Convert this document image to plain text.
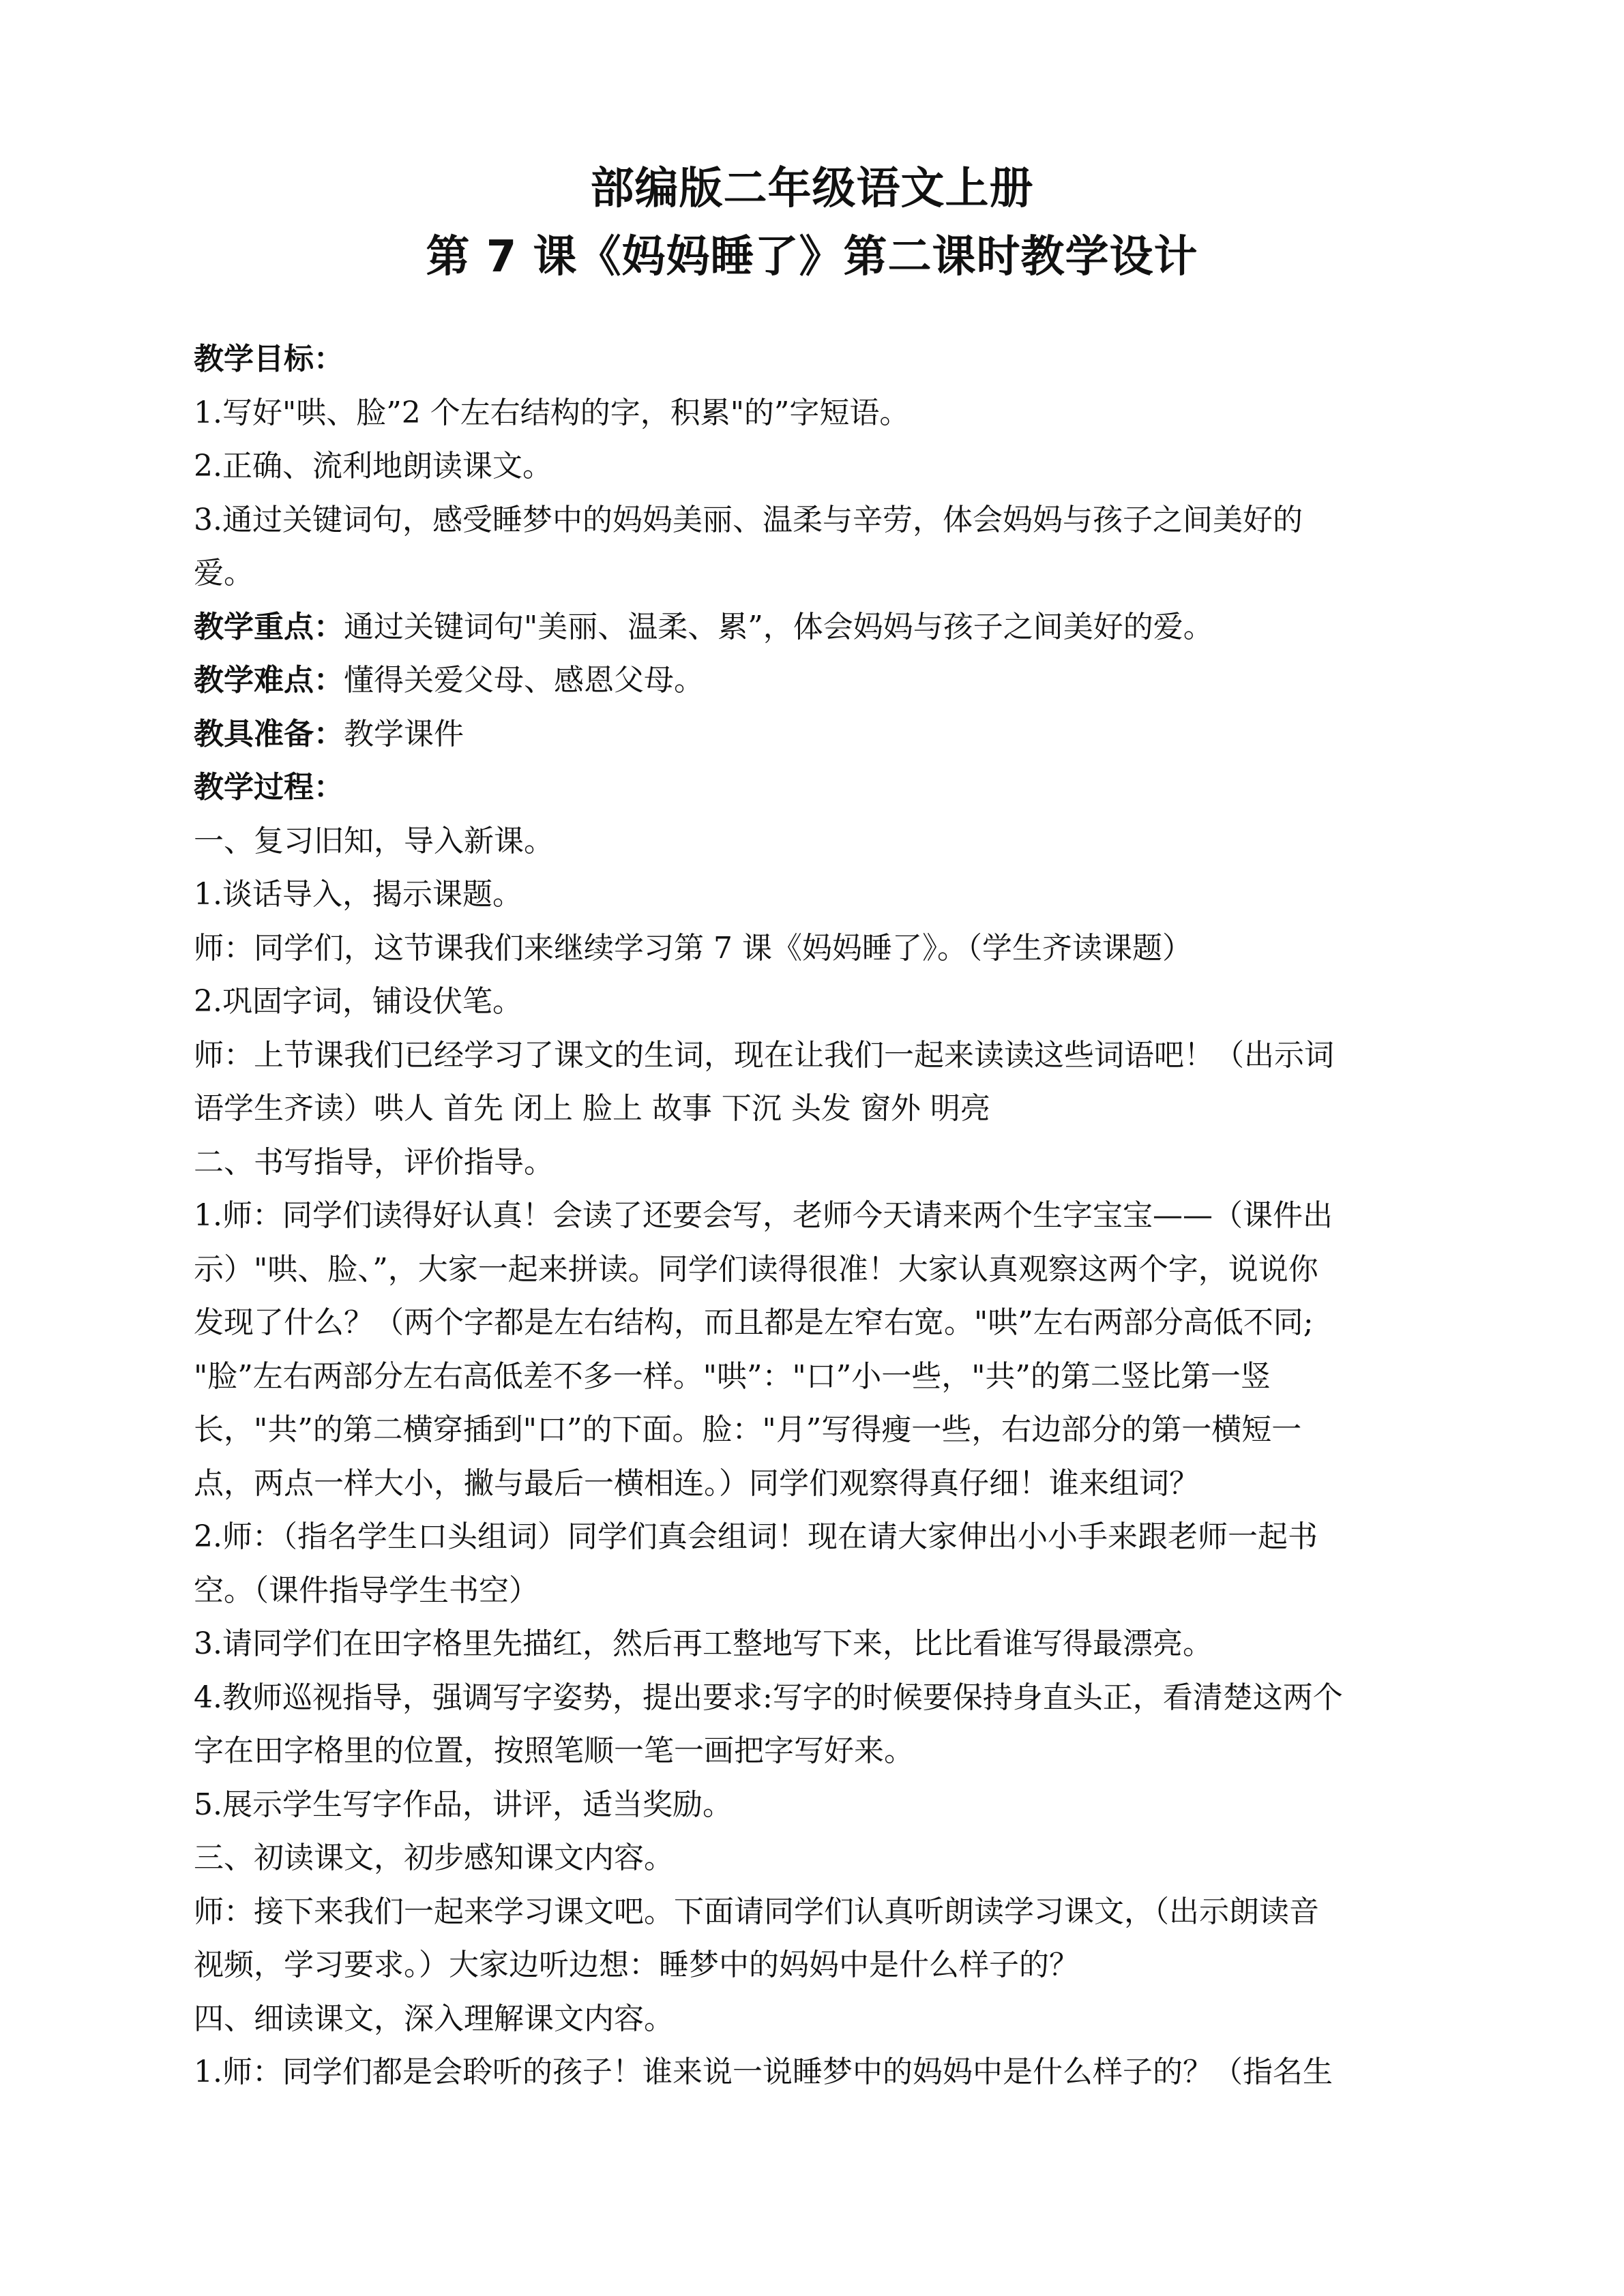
部编版二年级语文上册
第 7 课《妈妈睡了》第二课时教学设计
教学目标：
1.写好"哄、脸”2 个左右结构的字，积累"的”字短语。
2.正确、流利地朗读课文。
3.通过关键词句，感受睡梦中的妈妈美丽、温柔与辛劳，体会妈妈与孩子之间美好的
爱。
教学重点：通过关键词句"美丽、温柔、累”，体会妈妈与孩子之间美好的爱。
教学难点：懂得关爱父母、感恩父母。
教具准备：教学课件
教学过程：
一、复习旧知，导入新课。
1.谈话导入，揭示课题。
师：同学们，这节课我们来继续学习第 7 课《妈妈睡了》。（学生齐读课题）
2.巩固字词，铺设伏笔。
师：上节课我们已经学习了课文的生词，现在让我们一起来读读这些词语吧！（出示词
语学生齐读）哄人 首先 闭上 脸上 故事 下沉 头发 窗外 明亮
二、书写指导，评价指导。
1.师：同学们读得好认真！会读了还要会写，老师今天请来两个生字宝宝——（课件出
示）"哄、脸、”，大家一起来拼读。同学们读得很准！大家认真观察这两个字，说说你
发现了什么？（两个字都是左右结构，而且都是左窄右宽。"哄”左右两部分高低不同;
"脸”左右两部分左右高低差不多一样。"哄”："口”小一些，"共”的第二竖比第一竖
长，"共”的第二横穿插到"口”的下面。脸："月”写得瘦一些，右边部分的第一横短一
点，两点一样大小，撇与最后一横相连。）同学们观察得真仔细！谁来组词？
2.师：（指名学生口头组词）同学们真会组词！现在请大家伸出小小手来跟老师一起书
空。（课件指导学生书空）
3.请同学们在田字格里先描红，然后再工整地写下来，比比看谁写得最漂亮。
4.教师巡视指导，强调写字姿势，提出要求:写字的时候要保持身直头正，看清楚这两个
字在田字格里的位置，按照笔顺一笔一画把字写好来。
5.展示学生写字作品，讲评，适当奖励。
三、初读课文，初步感知课文内容。
师：接下来我们一起来学习课文吧。下面请同学们认真听朗读学习课文，（出示朗读音
视频，学习要求。）大家边听边想：睡梦中的妈妈中是什么样子的？
四、细读课文，深入理解课文内容。
1.师：同学们都是会聆听的孩子！谁来说一说睡梦中的妈妈中是什么样子的？（指名生
